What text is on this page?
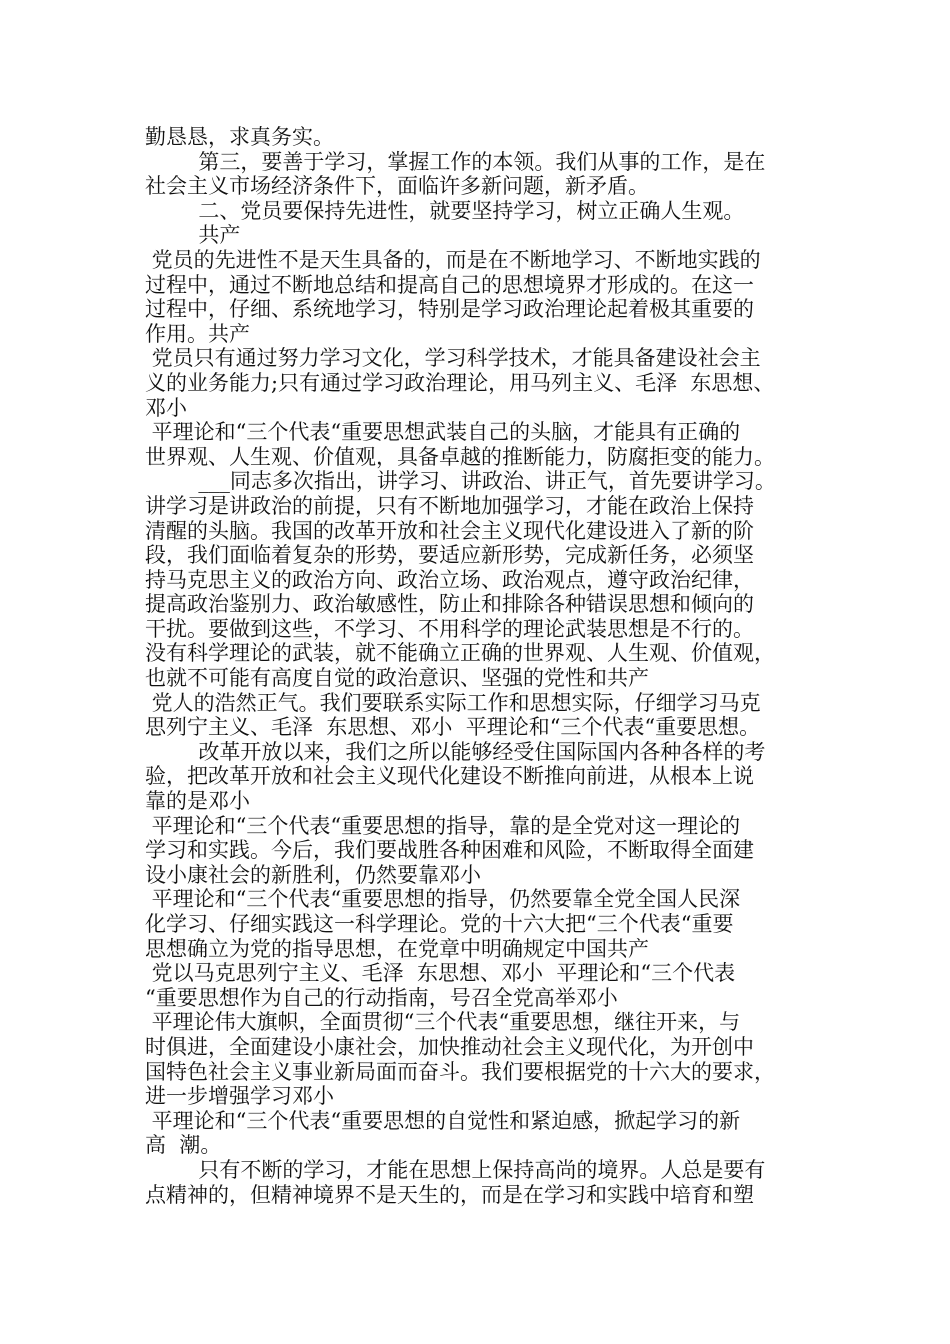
勤恳恳，求真务实。
第三，要善于学习，掌握工作的本领。我们从事的工作，是在
社会主义市场经济条件下，面临许多新问题，新矛盾。
二、党员要保持先进性，就要坚持学习，树立正确人生观。
共产
党员的先进性不是天生具备的，而是在不断地学习、不断地实践的
过程中，通过不断地总结和提高自己的思想境界才形成的。在这一
过程中，仔细、系统地学习，特别是学习政治理论起着极其重要的
作用。共产
党员只有通过努力学习文化，学习科学技术，才能具备建设社会主
义的业务能力;只有通过学习政治理论，用马列主义、毛泽  东思想、
邓小
平理论和“三个代表“重要思想武装自己的头脑，才能具有正确的
世界观、人生观、价值观，具备卓越的推断能力，防腐拒变的能力。
___同志多次指出，讲学习、讲政治、讲正气，首先要讲学习。
讲学习是讲政治的前提，只有不断地加强学习，才能在政治上保持
清醒的头脑。我国的改革开放和社会主义现代化建设进入了新的阶
段，我们面临着复杂的形势，要适应新形势，完成新任务，必须坚
持马克思主义的政治方向、政治立场、政治观点，遵守政治纪律，
提高政治鉴别力、政治敏感性，防止和排除各种错误思想和倾向的
干扰。要做到这些，不学习、不用科学的理论武装思想是不行的。
没有科学理论的武装，就不能确立正确的世界观、人生观、价值观，
也就不可能有高度自觉的政治意识、坚强的党性和共产
党人的浩然正气。我们要联系实际工作和思想实际，仔细学习马克
思列宁主义、毛泽  东思想、邓小  平理论和“三个代表“重要思想。
改革开放以来，我们之所以能够经受住国际国内各种各样的考
验，把改革开放和社会主义现代化建设不断推向前进，从根本上说
靠的是邓小
平理论和“三个代表“重要思想的指导，靠的是全党对这一理论的
学习和实践。今后，我们要战胜各种困难和风险，不断取得全面建
设小康社会的新胜利，仍然要靠邓小
平理论和“三个代表“重要思想的指导，仍然要靠全党全国人民深
化学习、仔细实践这一科学理论。党的十六大把“三个代表“重要
思想确立为党的指导思想，在党章中明确规定中国共产
党以马克思列宁主义、毛泽  东思想、邓小  平理论和“三个代表
“重要思想作为自己的行动指南，号召全党高举邓小
平理论伟大旗帜，全面贯彻“三个代表“重要思想，继往开来，与
时俱进，全面建设小康社会，加快推动社会主义现代化，为开创中
国特色社会主义事业新局面而奋斗。我们要根据党的十六大的要求，
进一步增强学习邓小
平理论和“三个代表“重要思想的自觉性和紧迫感，掀起学习的新
高  潮。
只有不断的学习，才能在思想上保持高尚的境界。人总是要有
点精神的，但精神境界不是天生的，而是在学习和实践中培育和塑
